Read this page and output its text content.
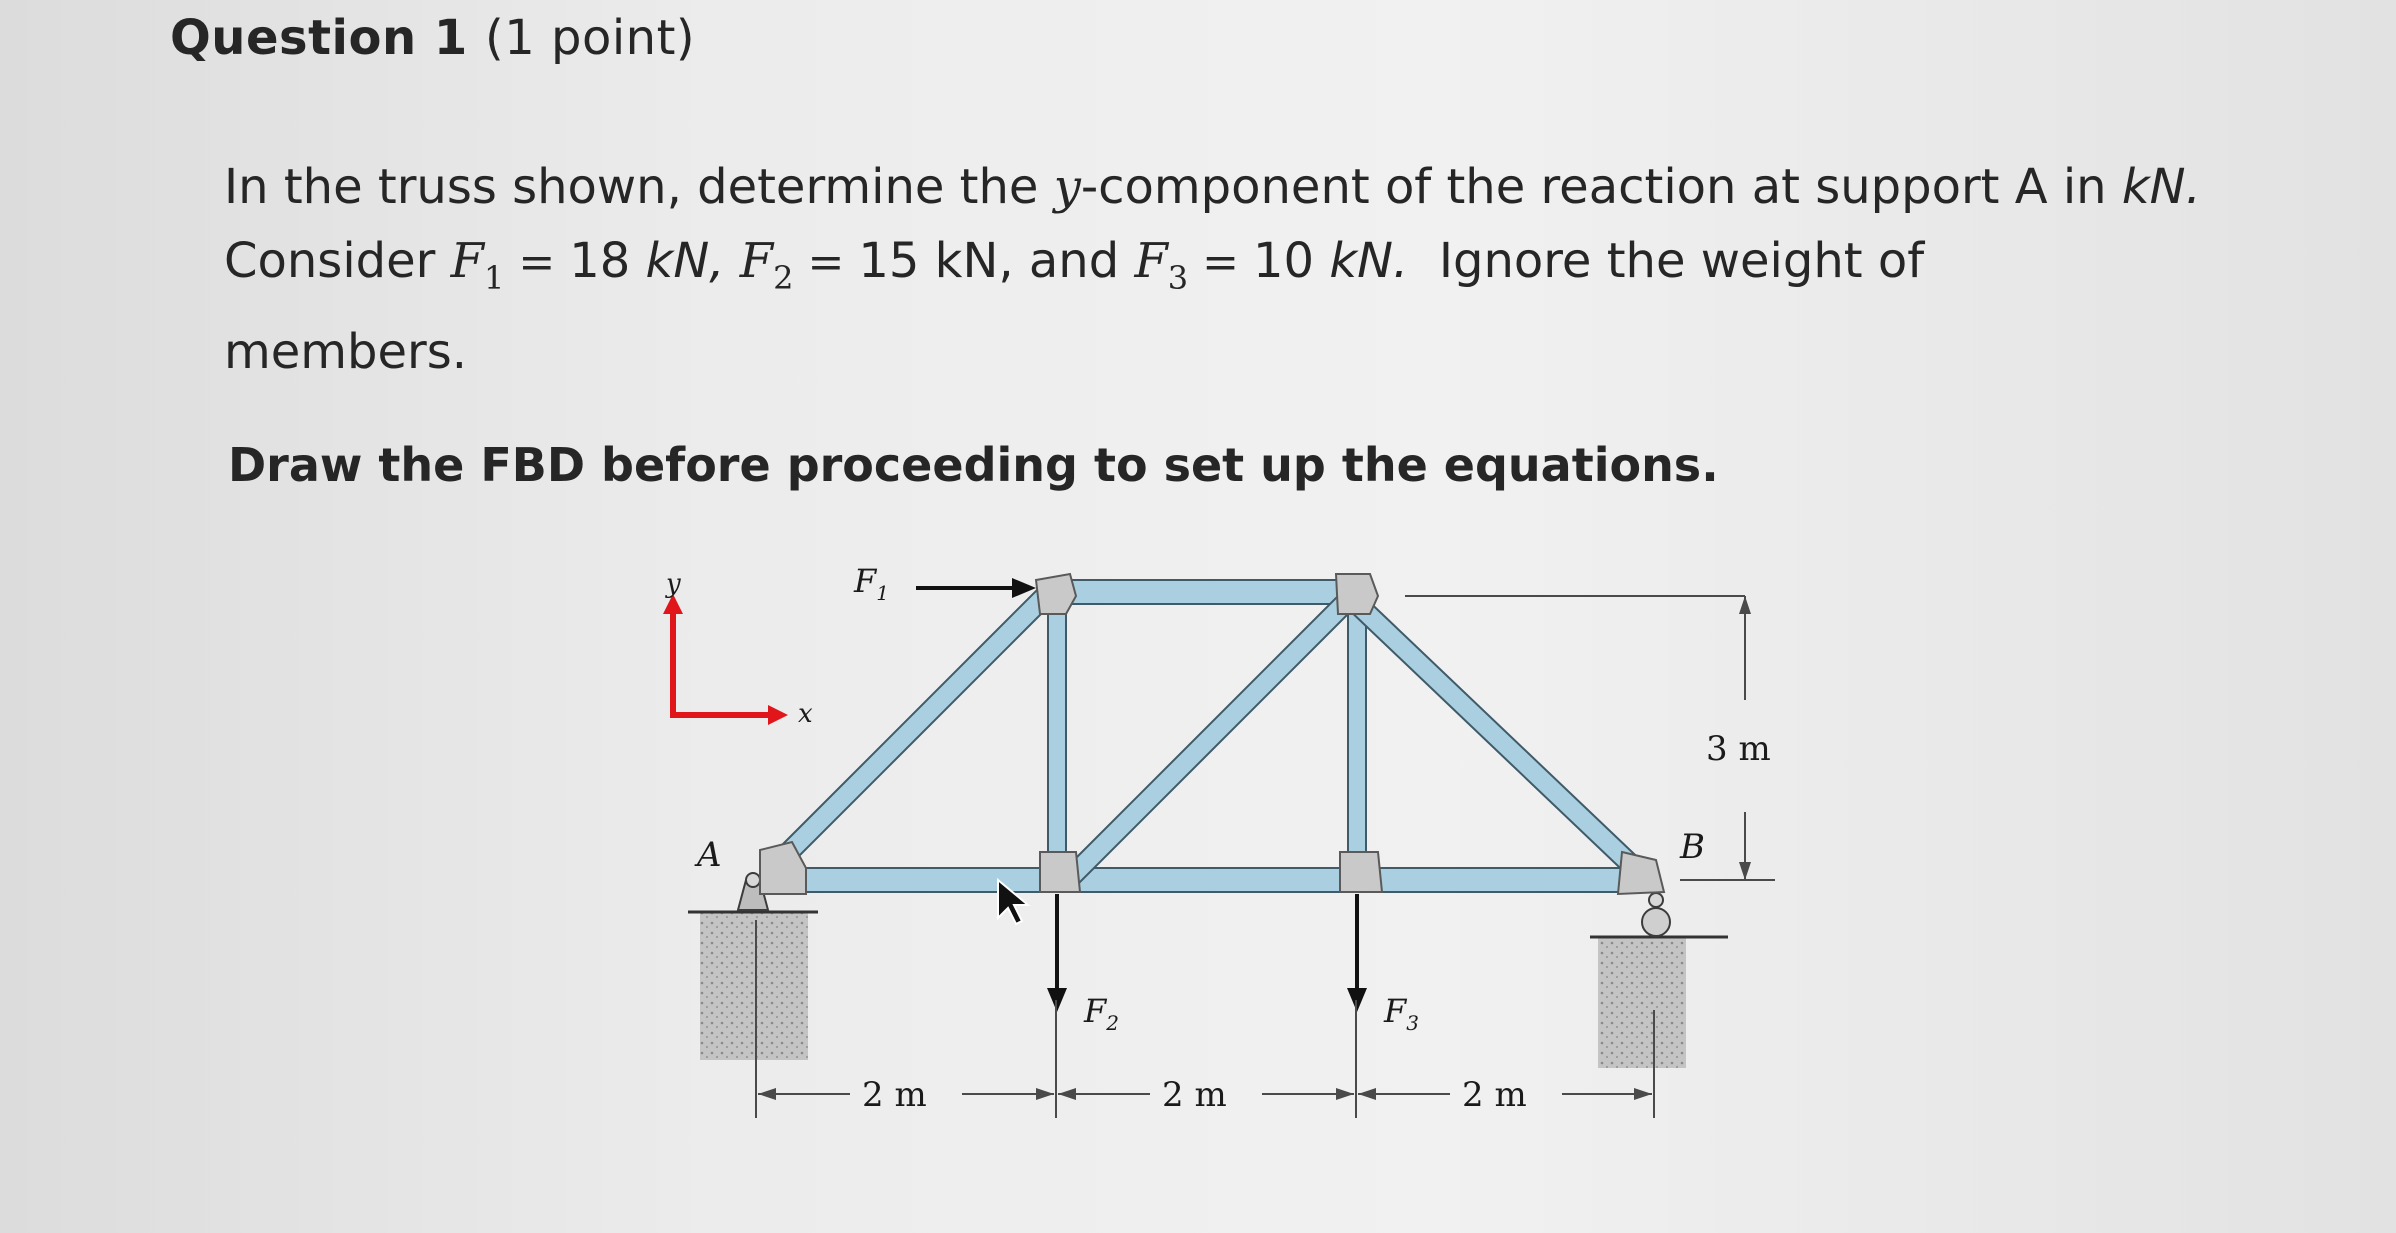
Question 1 (1 point)
In the truss shown, determine the y-component of the reaction at support A in kN.
Consider $F_1 = 18$ kN, $F_2 = 15$ kN, and $F_3 = 10$ kN.  Ignore the weight of
members.
Draw the FBD before proceeding to set up the equations.
y
x
3 m
$F_1$
$F_2$	$F_3$
A	B
2 m	2 m	2 m
